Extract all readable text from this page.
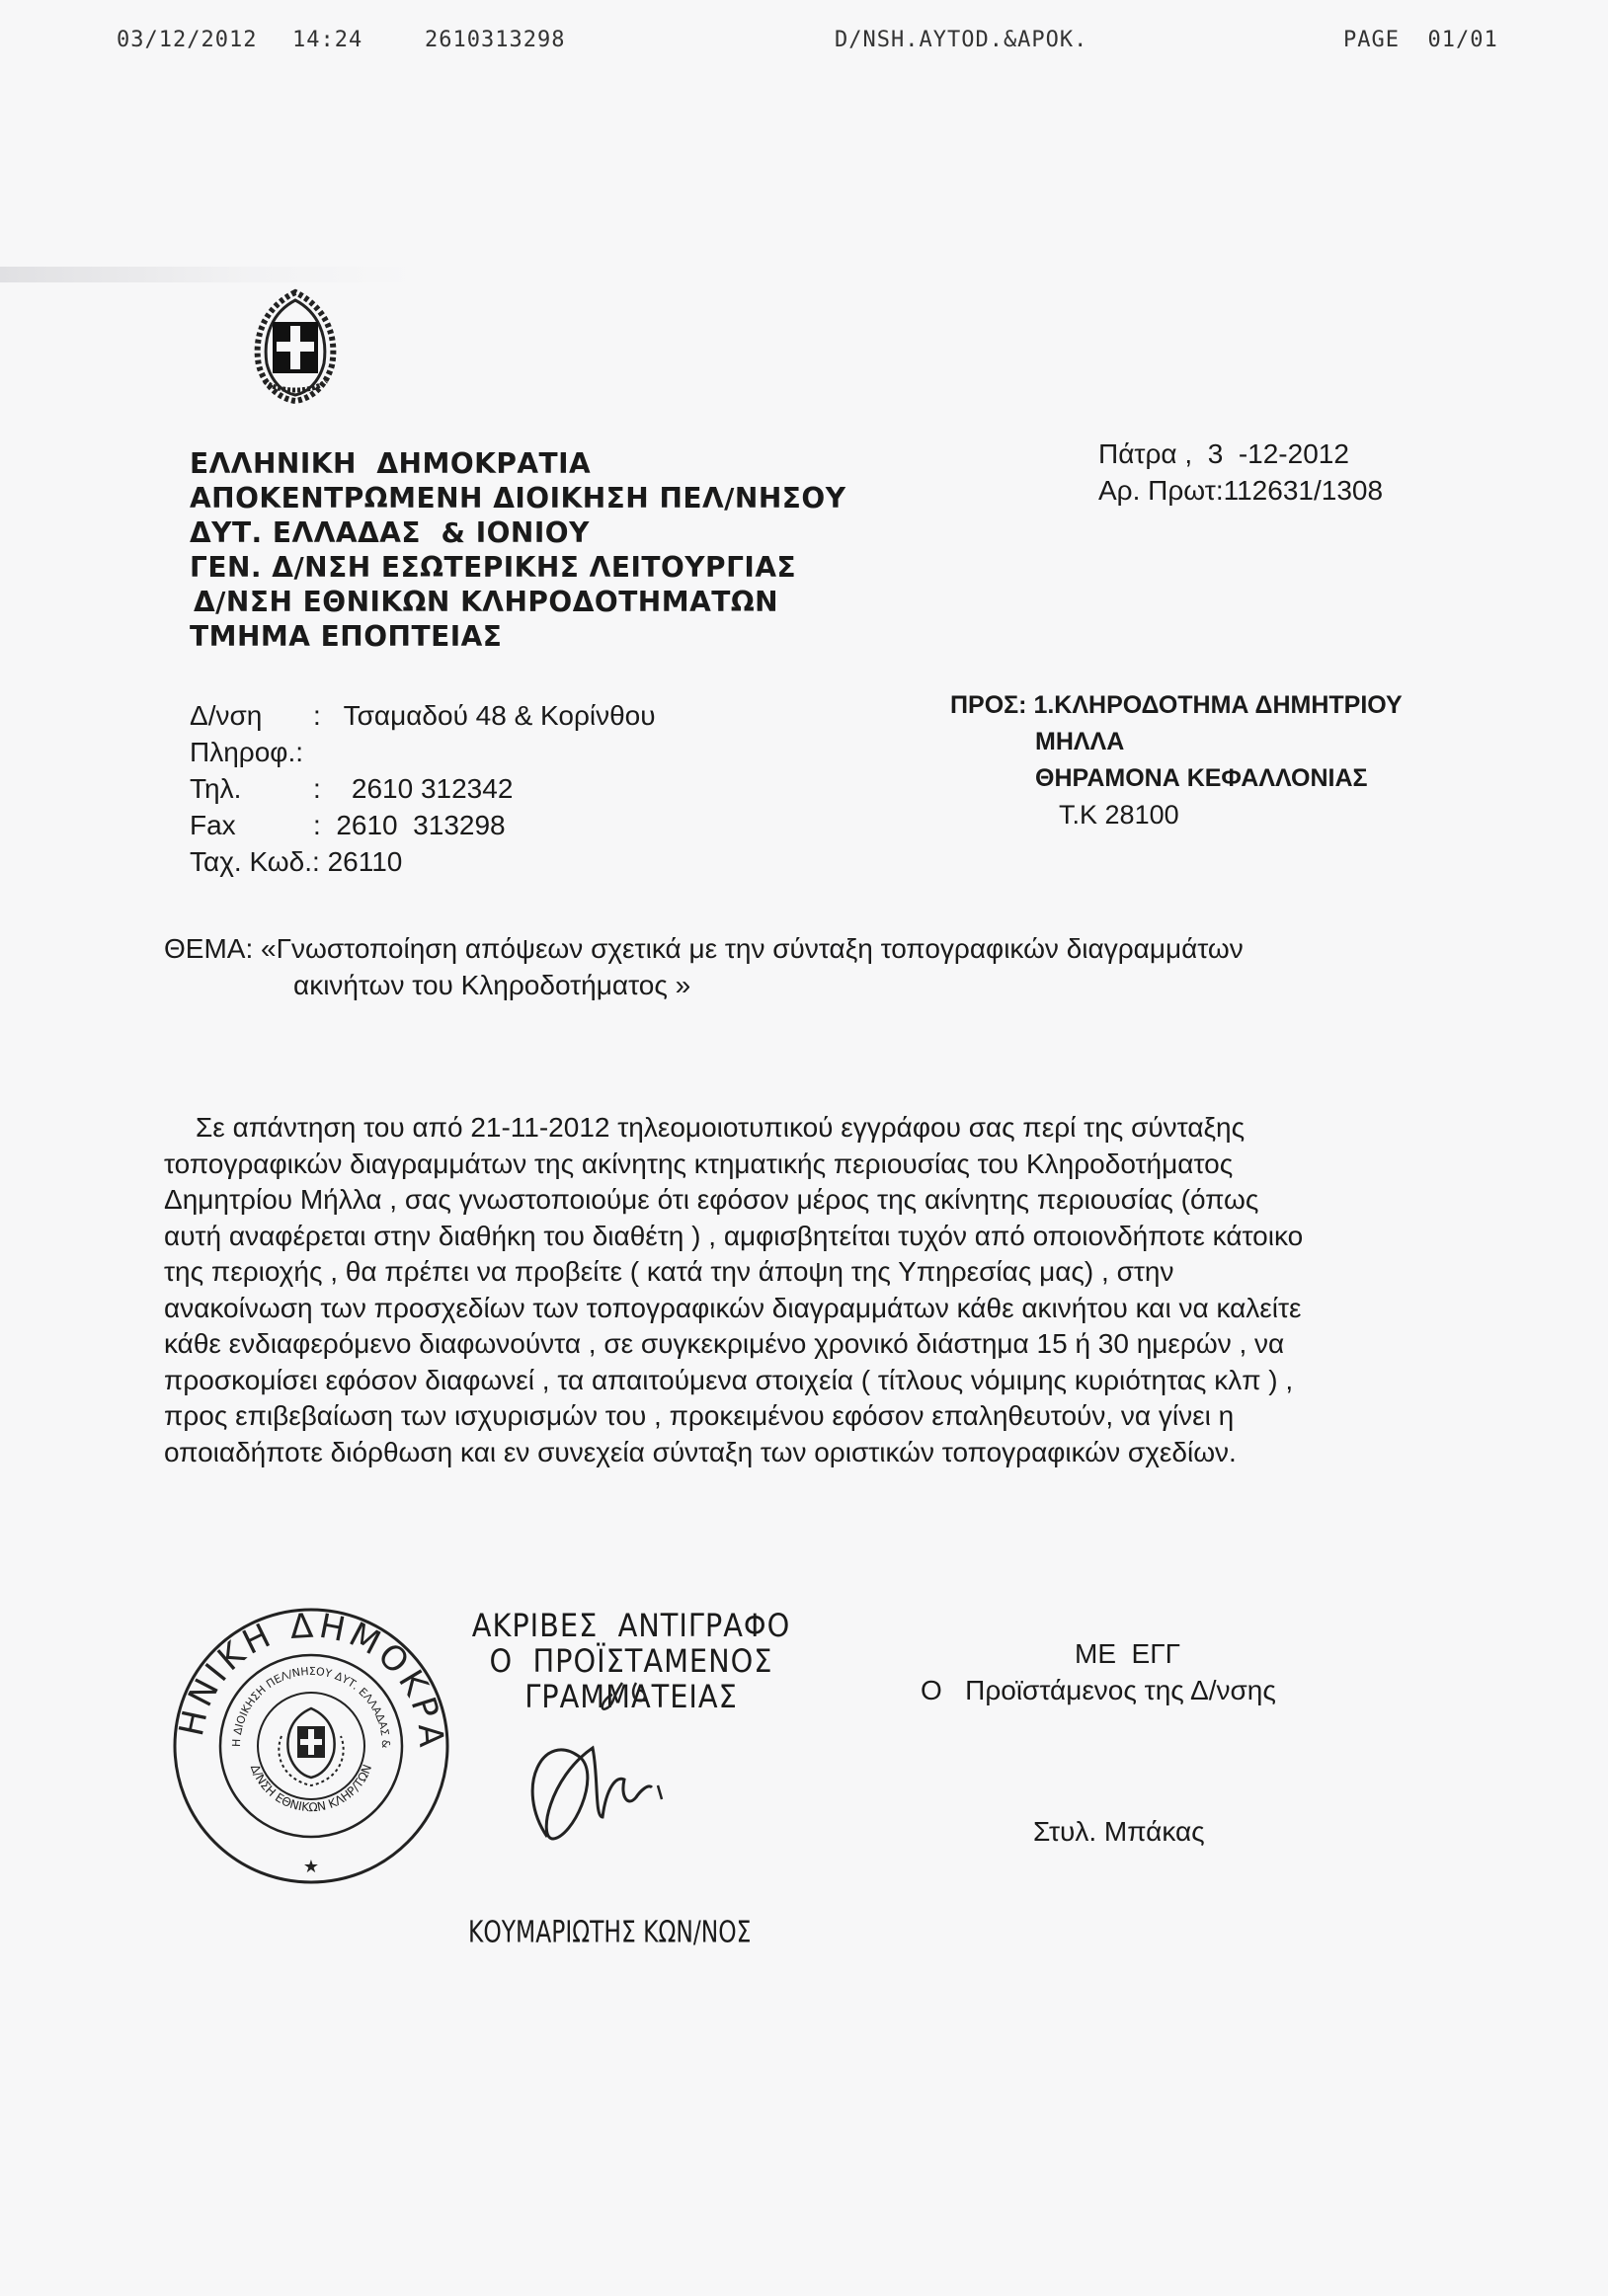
03/12/2012 14:24	2610313298	D/NSH.AYTOD.&APOK.	PAGE  01/01
ΕΛΛΗΝΙΚΗ  ΔΗΜΟΚΡΑΤΙΑ
ΑΠΟΚΕΝΤΡΩΜΕΝΗ ΔΙΟΙΚΗΣΗ ΠΕΛ/ΝΗΣΟΥ
ΔΥΤ. ΕΛΛΑΔΑΣ  & ΙΟΝΙΟΥ
ΓΕΝ. Δ/ΝΣΗ ΕΣΩΤΕΡΙΚΗΣ ΛΕΙΤΟΥΡΓΙΑΣ
Δ/ΝΣΗ ΕΘΝΙΚΩΝ ΚΛΗΡΟΔΟΤΗΜΑΤΩΝ
ΤΜΗΜΑ ΕΠΟΠΤΕΙΑΣ
Πάτρα ,  3  -12-2012
Αρ. Πρωτ:112631/1308
Δ/νση :   Τσαμαδού 48 & Κορίνθου
Πληροφ.:
Τηλ.	:    2610 312342
Fax	:  2610  313298
Ταχ. Κωδ.: 26110
ΠΡΟΣ: 1.ΚΛΗΡΟΔΟΤΗΜΑ ΔΗΜΗΤΡΙΟΥ
ΜΗΛΛΑ
ΘΗΡΑΜΟΝΑ ΚΕΦΑΛΛΟΝΙΑΣ
Τ.Κ 28100
ΘΕΜΑ: «Γνωστοποίηση απόψεων σχετικά με την σύνταξη τοπογραφικών διαγραμμάτων
ακινήτων του Κληροδοτήματος »
Σε απάντηση του από 21-11-2012 τηλεομοιοτυπικού εγγράφου σας περί της σύνταξης
τοπογραφικών διαγραμμάτων της ακίνητης κτηματικής περιουσίας του Κληροδοτήματος
Δημητρίου Μήλλα , σας γνωστοποιούμε ότι εφόσον μέρος της ακίνητης περιουσίας (όπως
αυτή αναφέρεται στην διαθήκη του διαθέτη ) , αμφισβητείται τυχόν από οποιονδήποτε κάτοικο
της περιοχής , θα πρέπει να προβείτε ( κατά την άποψη της Υπηρεσίας μας) , στην
ανακοίνωση των προσχεδίων των τοπογραφικών διαγραμμάτων κάθε ακινήτου και να καλείτε
κάθε ενδιαφερόμενο διαφωνούντα , σε συγκεκριμένο χρονικό διάστημα 15 ή 30 ημερών , να
προσκομίσει εφόσον διαφωνεί , τα απαιτούμενα στοιχεία ( τίτλους νόμιμης κυριότητας κλπ ) ,
προς επιβεβαίωση των ισχυρισμών του , προκειμένου εφόσον επαληθευτούν, να γίνει η
οποιαδήποτε διόρθωση και εν συνεχεία σύνταξη των οριστικών τοπογραφικών σχεδίων.
ΗΝΙΚΗ ΔΗΜΟΚΡΑ
Η ΔΙΟΙΚΗΣΗ ΠΕΛ/ΝΗΣΟΥ ΔΥΤ. ΕΛΛΑΔΑΣ &
Δ/ΝΣΗ ΕΘΝΙΚΩΝ ΚΛΗΡ/ΤΩΝ
★
ΑΚΡΙΒΕΣ  ΑΝΤΙΓΡΑΦΟ
Ο  ΠΡΟΪΣΤΑΜΕΝΟΣ
ΓΡΑΜΜΑΤΕΙΑΣ
ΚΟΥΜΑΡΙΩΤΗΣ ΚΩΝ/ΝΟΣ
ΜΕ  ΕΓΓ
Ο   Προϊστάμενος της Δ/νσης
Στυλ. Μπάκας
